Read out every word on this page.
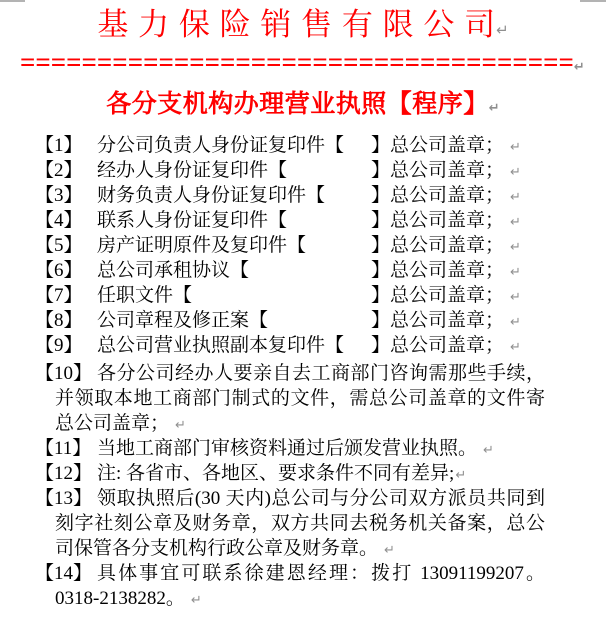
基 力 保 险 销 售 有 限 公 司↵
====================================↵
各分支机构办理营业执照【程序】↵
【1】 分公司负责人身份证复印件【 】总公司盖章； ↵
【2】 经办人身份证复印件【	】总公司盖章； ↵
【3】 财务负责人身份证复印件【 】总公司盖章； ↵
【4】 联系人身份证复印件【	】总公司盖章； ↵
【5】 房产证明原件及复印件【	】总公司盖章； ↵
【6】 总公司承租协议【	】总公司盖章； ↵
【7】 任职文件【	】总公司盖章； ↵
【8】 公司章程及修正案【	】总公司盖章； ↵
【9】 总公司营业执照副本复印件【 】总公司盖章； ↵
【10】 各分公司经办人要亲自去工商部门咨询需那些手续，
并领取本地工商部门制式的文件，需总公司盖章的文件寄
总公司盖章； ↵
【11】 当地工商部门审核资料通过后颁发营业执照。 ↵
【12】 注: 各省市、各地区、要求条件不同有差异;↵
【13】 领取执照后(30 天内)总公司与分公司双方派员共同到
刻字社刻公章及财务章，双方共同去税务机关备案，总公
司保管各分支机构行政公章及财务章。 ↵
【14】 具体事宜可联系徐建恩经理：拨打 13091199207。
0318-2138282。 ↵
